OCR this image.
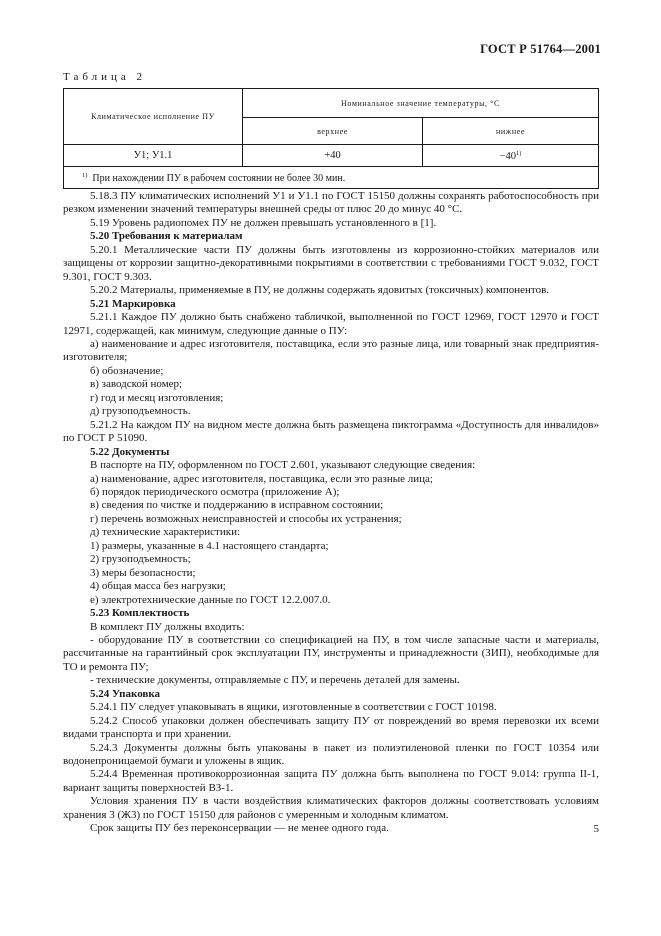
ГОСТ Р 51764—2001
Таблица 2
Климатическое исполнение ПУ	Номинальное значение температуры, °С	
	верхнее	нижнее
У1; У1.1	+40	$-40^{1)}$
$^{1)}$ При нахождении ПУ в рабочем состоянии не более 30 мин.		

5.18.3 ПУ климатических исполнений У1 и У1.1 по ГОСТ 15150 должны сохранять работоспособность при резком изменении значений температуры внешней среды от плюс 20 до минус 40 °С.

5.19 Уровень радиопомех ПУ не должен превышать установленного в [1].

5.20 Требования к материалам

5.20.1 Металлические части ПУ должны быть изготовлены из коррозионно-стойких материалов или защищены от коррозии защитно-декоративными покрытиями в соответствии с требованиями ГОСТ 9.032, ГОСТ 9.301, ГОСТ 9.303.

5.20.2 Материалы, применяемые в ПУ, не должны содержать ядовитых (токсичных) компонентов.

5.21 Маркировка

5.21.1 Каждое ПУ должно быть снабжено табличкой, выполненной по ГОСТ 12969, ГОСТ 12970 и ГОСТ 12971, содержащей, как минимум, следующие данные о ПУ:

а) наименование и адрес изготовителя, поставщика, если это разные лица, или товарный знак предприятия-изготовителя;

б) обозначение;

в) заводской номер;

г) год и месяц изготовления;

д) грузоподъемность.

5.21.2 На каждом ПУ на видном месте должна быть размещена пиктограмма «Доступность для инвалидов» по ГОСТ Р 51090.

5.22 Документы

В паспорте на ПУ, оформленном по ГОСТ 2.601, указывают следующие сведения:

а) наименование, адрес изготовителя, поставщика, если это разные лица;

б) порядок периодического осмотра (приложение А);

в) сведения по чистке и поддержанию в исправном состоянии;

г) перечень возможных неисправностей и способы их устранения;

д) технические характеристики:

1) размеры, указанные в 4.1 настоящего стандарта;

2) грузоподъемность;

3) меры безопасности;

4) общая масса без нагрузки;

е) электротехнические данные по ГОСТ 12.2.007.0.

5.23 Комплектность

В комплект ПУ должны входить:

- оборудование ПУ в соответствии со спецификацией на ПУ, в том числе запасные части и материалы, рассчитанные на гарантийный срок эксплуатации ПУ, инструменты и принадлежности (ЗИП), необходимые для ТО и ремонта ПУ;

- технические документы, отправляемые с ПУ, и перечень деталей для замены.

5.24 Упаковка

5.24.1 ПУ следует упаковывать в ящики, изготовленные в соответствии с ГОСТ 10198.

5.24.2 Способ упаковки должен обеспечивать защиту ПУ от повреждений во время перевозки их всеми видами транспорта и при хранении.

5.24.3 Документы должны быть упакованы в пакет из полиэтиленовой пленки по ГОСТ 10354 или водонепроницаемой бумаги и уложены в ящик.

5.24.4 Временная противокоррозионная защита ПУ должна быть выполнена по ГОСТ 9.014: группа II-1, вариант защиты поверхностей ВЗ-1.

Условия хранения ПУ в части воздействия климатических факторов должны соответствовать условиям хранения 3 (Ж3) по ГОСТ 15150 для районов с умеренным и холодным климатом.

Срок защиты ПУ без переконсервации — не менее одного года.	5
